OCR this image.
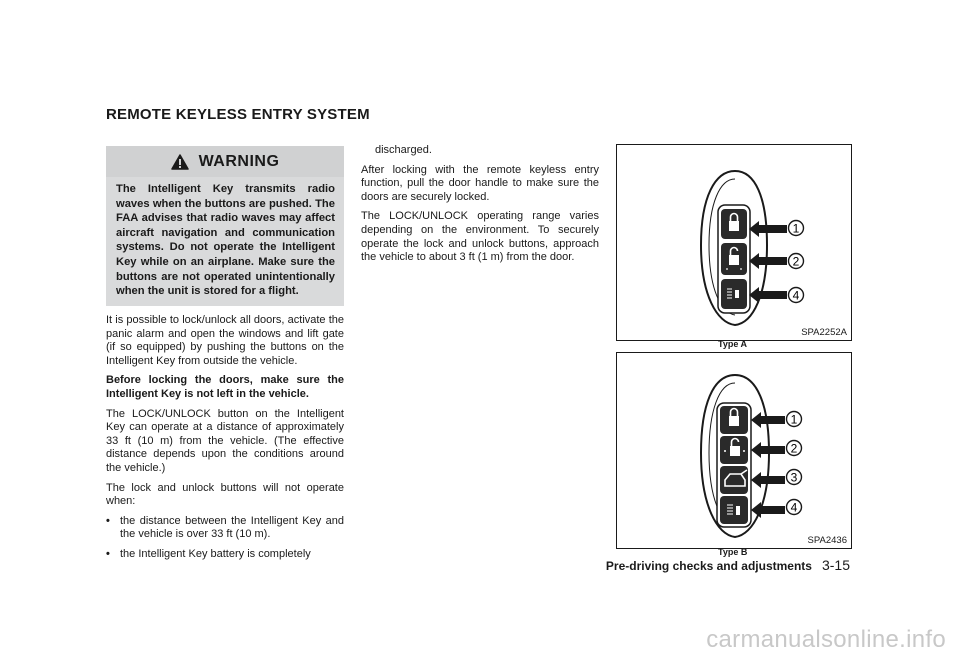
REMOTE KEYLESS ENTRY SYSTEM
WARNING
The Intelligent Key transmits radio waves when the buttons are pushed. The FAA advises that radio waves may affect aircraft navigation and communication systems. Do not operate the Intelligent Key while on an airplane. Make sure the buttons are not operated unintentionally when the unit is stored for a flight.

It is possible to lock/unlock all doors, activate the panic alarm and open the windows and lift gate (if so equipped) by pushing the buttons on the Intelligent Key from outside the vehicle.

Before locking the doors, make sure the Intelligent Key is not left in the vehicle.

The LOCK/UNLOCK button on the Intelligent Key can operate at a distance of approximately 33 ft (10 m) from the vehicle. (The effective distance depends upon the conditions around the vehicle.)

The lock and unlock buttons will not operate when:

• the distance between the Intelligent Key and the vehicle is over 33 ft (10 m).
• the Intelligent Key battery is completely

discharged.

After locking with the remote keyless entry function, pull the door handle to make sure the doors are securely locked.

The LOCK/UNLOCK operating range varies depending on the environment. To securely operate the lock and unlock buttons, approach the vehicle to about 3 ft (1 m) from the door.

1
2
4
SPA2252A
Type A
1
2
3
4
SPA2436
Type B
Pre-driving checks and adjustments 3-15
carmanualsonline.info
